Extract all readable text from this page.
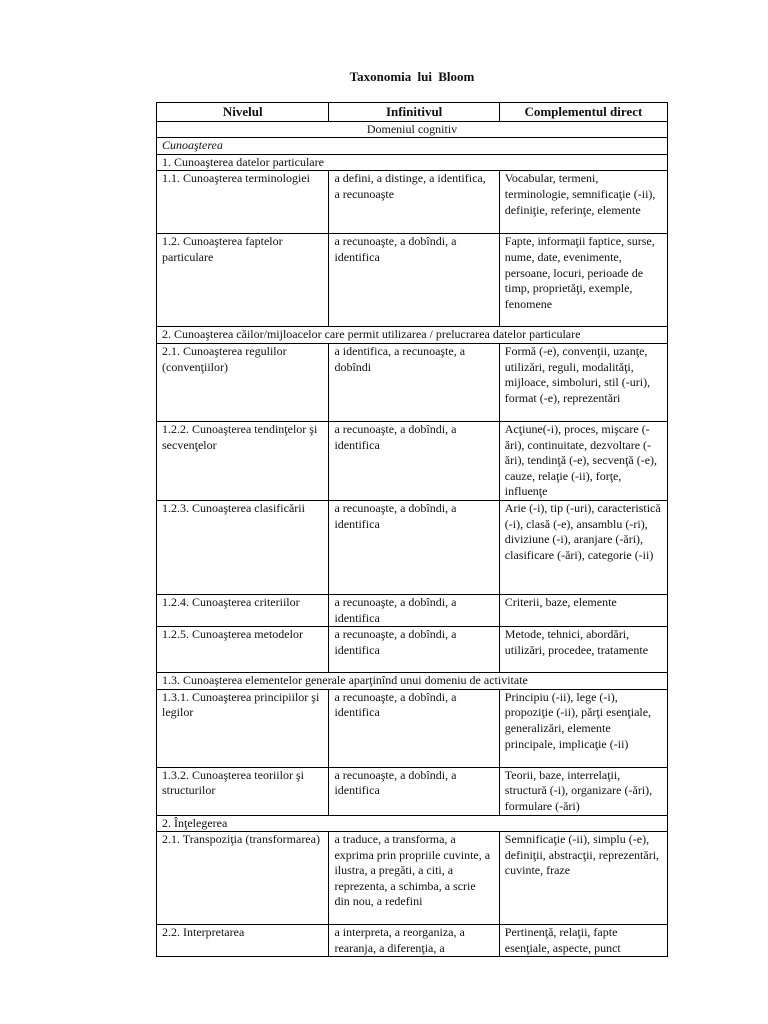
Taxonomia lui Bloom
Nivelul	Infinitivul	Complementul direct
Domeniul cognitiv		
Cunoaşterea		
1. Cunoaşterea datelor particulare		
1.1. Cunoaşterea terminologiei	a defini, a distinge, a identifica, a recunoaşte	Vocabular, termeni, terminologie, semnificaţie (-ii), definiţie, referinţe, elemente
1.2. Cunoaşterea faptelor particulare	a recunoaşte, a dobîndi, a identifica	Fapte, informaţii faptice, surse, nume, date, evenimente, persoane, locuri, perioade de timp, proprietăţi, exemple, fenomene
2. Cunoaşterea căilor/mijloacelor care permit utilizarea / prelucrarea datelor particulare		
2.1. Cunoaşterea regulilor (convenţiilor)	a identifica, a recunoaşte, a dobîndi	Formă (-e), convenţii, uzanţe, utilizări, reguli, modalităţi, mijloace, simboluri, stil (-uri), format (-e), reprezentări
1.2.2. Cunoaşterea tendinţelor şi secvenţelor	a recunoaşte, a dobîndi, a identifica	Acţiune(-i), proces, mişcare (-ări), continuitate, dezvoltare (-ări), tendinţă (-e), secvenţă (-e), cauze, relaţie (-ii), forţe, influenţe
1.2.3. Cunoaşterea clasificării	a recunoaşte, a dobîndi, a identifica	Arie (-i), tip (-uri), caracteristică (-i), clasă (-e), ansamblu (-ri), diviziune (-i), aranjare (-ări), clasificare (-ări), categorie (-ii)
1.2.4. Cunoaşterea criteriilor	a recunoaşte, a dobîndi, a identifica	Criterii, baze, elemente
1.2.5. Cunoaşterea metodelor	a recunoaşte, a dobîndi, a identifica	Metode, tehnici, abordări, utilizări, procedee, tratamente
1.3. Cunoaşterea elementelor generale aparţinînd unui domeniu de activitate		
1.3.1. Cunoaşterea principiilor şi legilor	a recunoaşte, a dobîndi, a identifica	Principiu (-ii), lege (-i), propoziţie (-ii), părţi esenţiale, generalizări, elemente principale, implicaţie (-ii)
1.3.2. Cunoaşterea teoriilor şi structurilor	a recunoaşte, a dobîndi, a identifica	Teorii, baze, interrelaţii, structură (-i), organizare (-ări), formulare (-ări)
2. Înţelegerea		
2.1. Transpoziţia (transformarea)	a traduce, a transforma, a exprima prin propriile cuvinte, a ilustra, a pregăti, a citi, a reprezenta, a schimba, a scrie din nou, a redefini	Semnificaţie (-ii), simplu (-e), definiţii, abstracţii, reprezentări, cuvinte, fraze
2.2. Interpretarea	a interpreta, a reorganiza, a rearanja, a diferenţia, a	Pertinenţă, relaţii, fapte esenţiale, aspecte, punct
